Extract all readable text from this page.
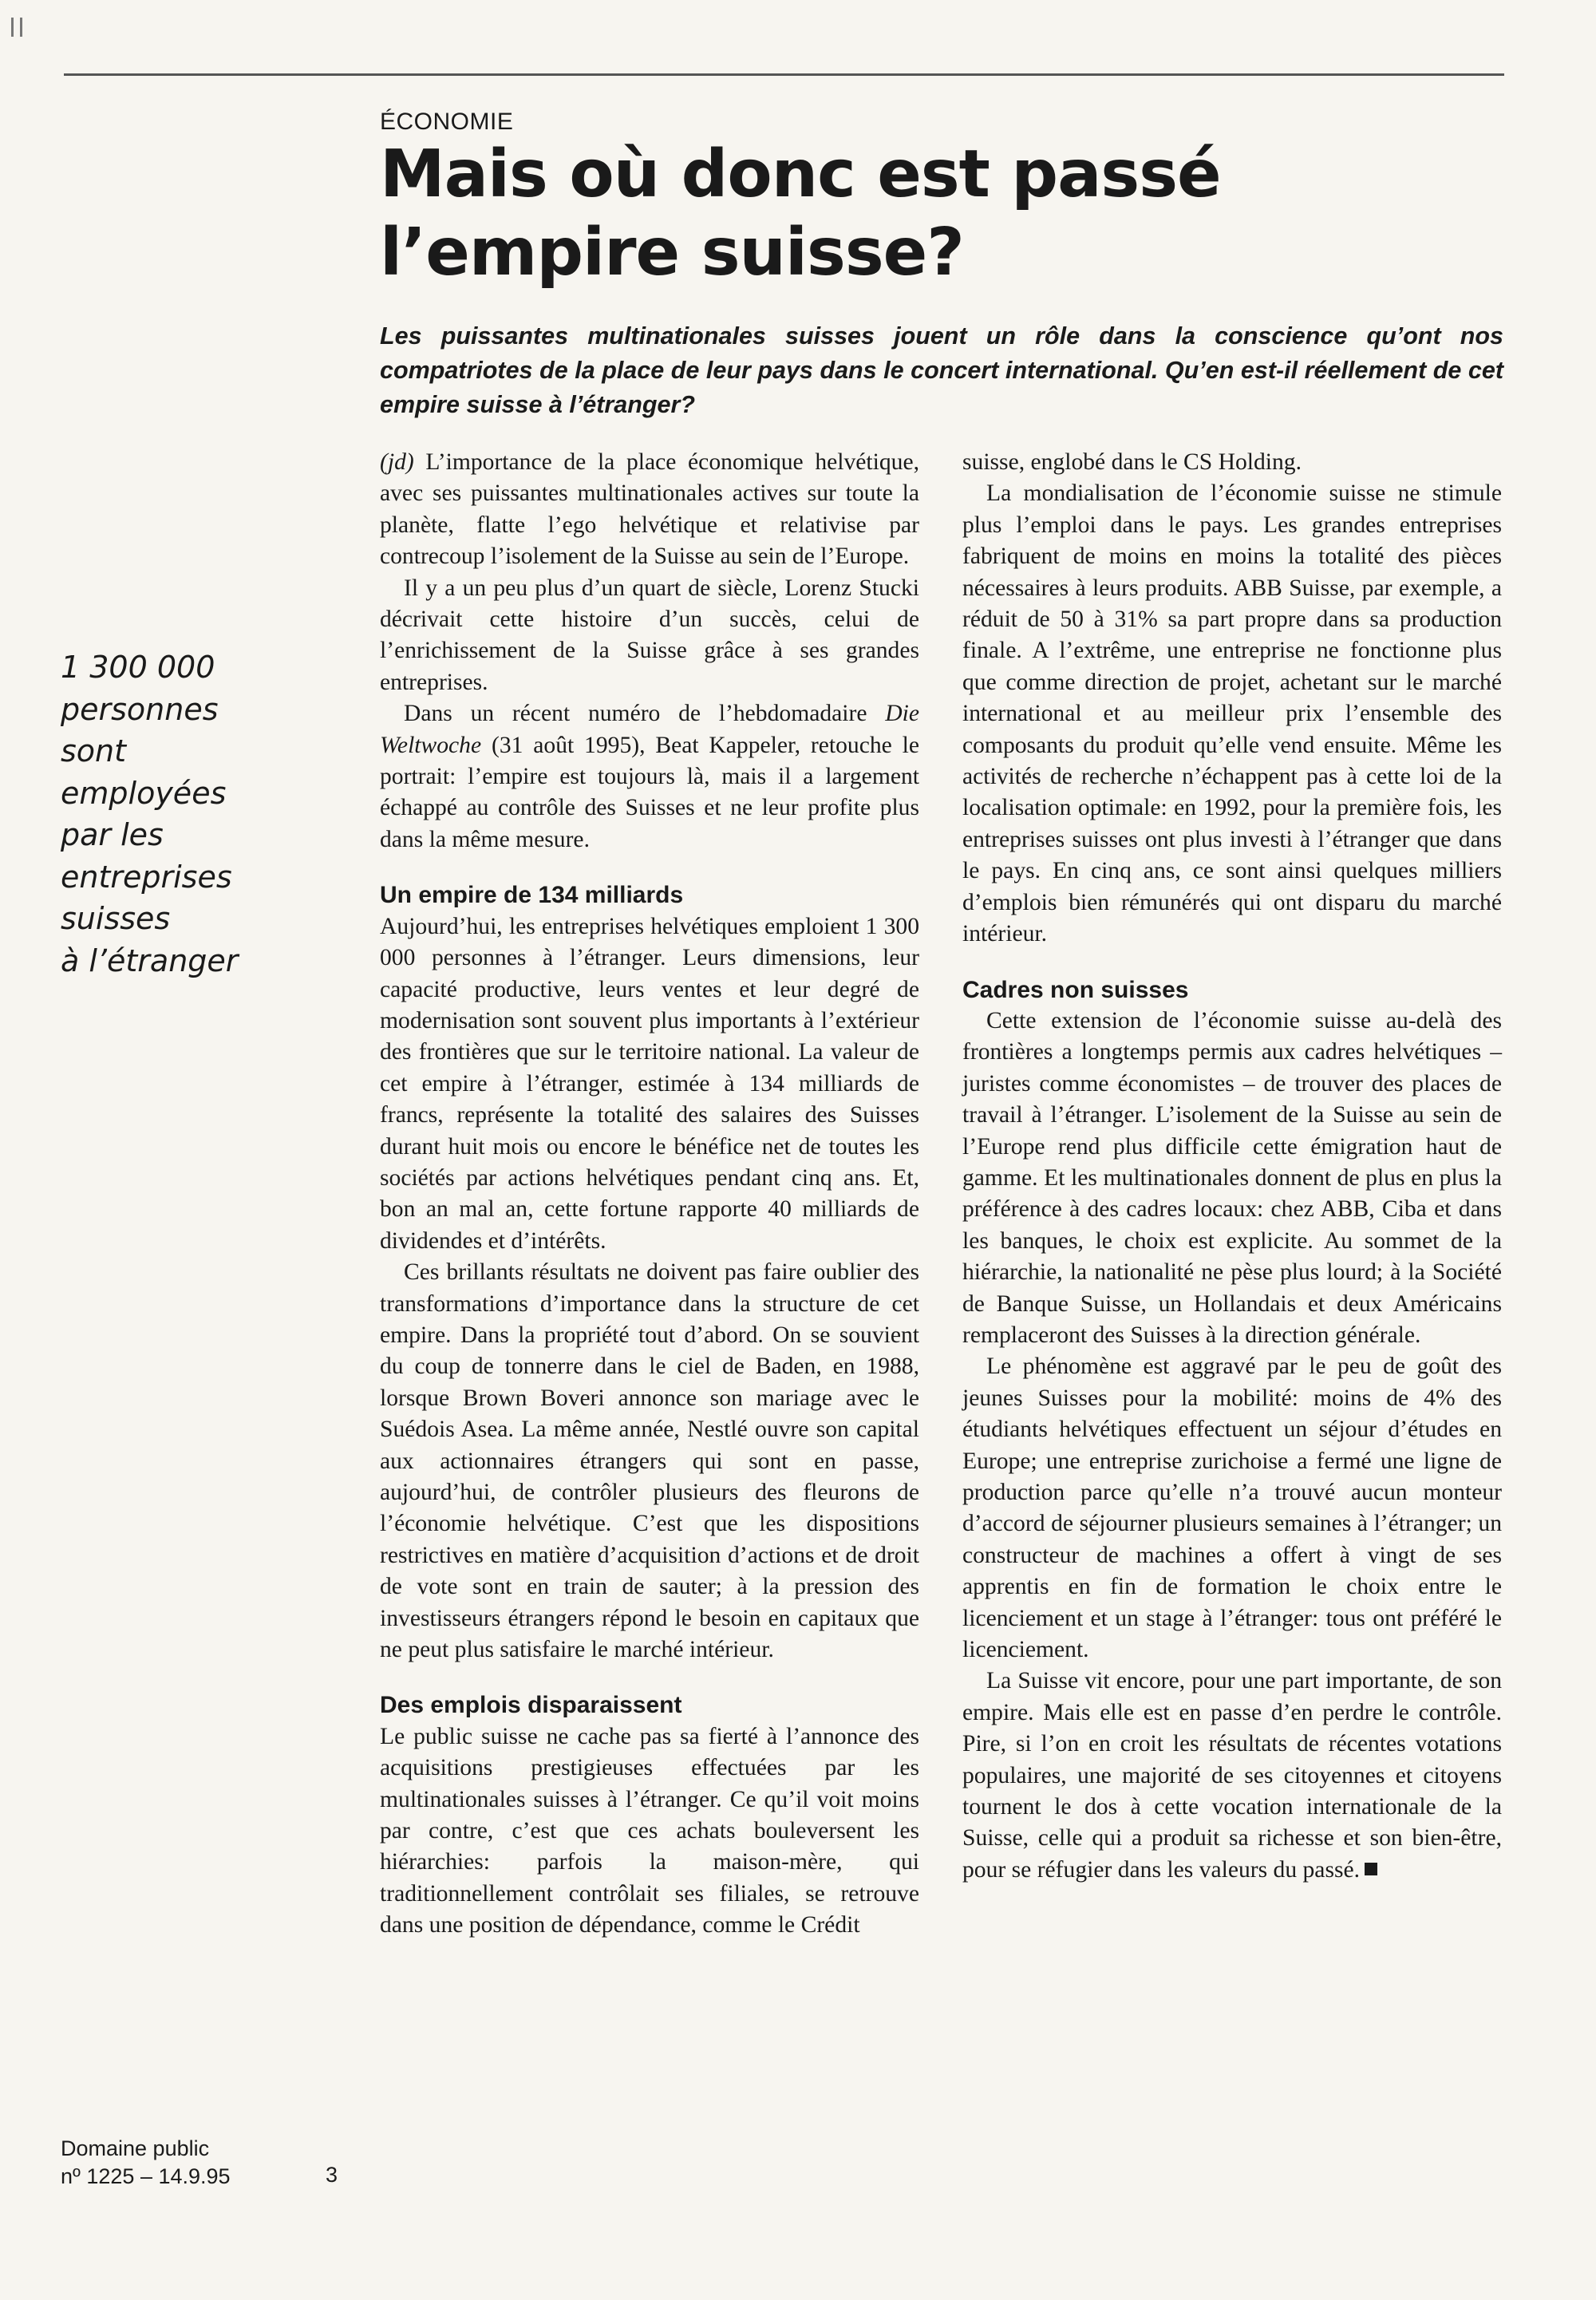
ÉCONOMIE
Mais où donc est passé
l’empire suisse?

Les puissantes multinationales suisses jouent un rôle dans la conscience qu’ont nos compatriotes de la place de leur pays dans le concert international. Qu’en est-il réellement de cet empire suisse à l’étranger?

1 300 000
personnes
sont
employées
par les
entreprises
suisses
à l’étranger

(jd) L’importance de la place économique helvétique, avec ses puissantes multinationales actives sur toute la planète, flatte l’ego helvétique et relativise par contrecoup l’isolement de la Suisse au sein de l’Europe.

Il y a un peu plus d’un quart de siècle, Lorenz Stucki décrivait cette histoire d’un succès, celui de l’enrichissement de la Suisse grâce à ses grandes entreprises.

Dans un récent numéro de l’hebdomadaire Die Weltwoche (31 août 1995), Beat Kappeler, retouche le portrait: l’empire est toujours là, mais il a largement échappé au contrôle des Suisses et ne leur profite plus dans la même mesure.

Un empire de 134 milliards

Aujourd’hui, les entreprises helvétiques emploient 1 300 000 personnes à l’étranger. Leurs dimensions, leur capacité productive, leurs ventes et leur degré de modernisation sont souvent plus importants à l’extérieur des frontières que sur le territoire national. La valeur de cet empire à l’étranger, estimée à 134 milliards de francs, représente la totalité des salaires des Suisses durant huit mois ou encore le bénéfice net de toutes les sociétés par actions helvétiques pendant cinq ans. Et, bon an mal an, cette fortune rapporte 40 milliards de dividendes et d’intérêts.

Ces brillants résultats ne doivent pas faire oublier des transformations d’importance dans la structure de cet empire. Dans la propriété tout d’abord. On se souvient du coup de tonnerre dans le ciel de Baden, en 1988, lorsque Brown Boveri annonce son mariage avec le Suédois Asea. La même année, Nestlé ouvre son capital aux actionnaires étrangers qui sont en passe, aujourd’hui, de contrôler plusieurs des fleurons de l’économie helvétique. C’est que les dispositions restrictives en matière d’acquisition d’actions et de droit de vote sont en train de sauter; à la pression des investisseurs étrangers répond le besoin en capitaux que ne peut plus satisfaire le marché intérieur.

Des emplois disparaissent

Le public suisse ne cache pas sa fierté à l’annonce des acquisitions prestigieuses effectuées par les multinationales suisses à l’étranger. Ce qu’il voit moins par contre, c’est que ces achats bouleversent les hiérarchies: parfois la maison-mère, qui traditionnellement contrôlait ses filiales, se retrouve dans une position de dépendance, comme le Crédit

suisse, englobé dans le CS Holding.

La mondialisation de l’économie suisse ne stimule plus l’emploi dans le pays. Les grandes entreprises fabriquent de moins en moins la totalité des pièces nécessaires à leurs produits. ABB Suisse, par exemple, a réduit de 50 à 31% sa part propre dans sa production finale. A l’extrême, une entreprise ne fonctionne plus que comme direction de projet, achetant sur le marché international et au meilleur prix l’ensemble des composants du produit qu’elle vend ensuite. Même les activités de recherche n’échappent pas à cette loi de la localisation optimale: en 1992, pour la première fois, les entreprises suisses ont plus investi à l’étranger que dans le pays. En cinq ans, ce sont ainsi quelques milliers d’emplois bien rémunérés qui ont disparu du marché intérieur.

Cadres non suisses

Cette extension de l’économie suisse au-delà des frontières a longtemps permis aux cadres helvétiques – juristes comme économistes – de trouver des places de travail à l’étranger. L’isolement de la Suisse au sein de l’Europe rend plus difficile cette émigration haut de gamme. Et les multinationales donnent de plus en plus la préférence à des cadres locaux: chez ABB, Ciba et dans les banques, le choix est explicite. Au sommet de la hiérarchie, la nationalité ne pèse plus lourd; à la Société de Banque Suisse, un Hollandais et deux Américains remplaceront des Suisses à la direction générale.

Le phénomène est aggravé par le peu de goût des jeunes Suisses pour la mobilité: moins de 4% des étudiants helvétiques effectuent un séjour d’études en Europe; une entreprise zurichoise a fermé une ligne de production parce qu’elle n’a trouvé aucun monteur d’accord de séjourner plusieurs semaines à l’étranger; un constructeur de machines a offert à vingt de ses apprentis en fin de formation le choix entre le licenciement et un stage à l’étranger: tous ont préféré le licenciement.

La Suisse vit encore, pour une part importante, de son empire. Mais elle est en passe d’en perdre le contrôle. Pire, si l’on en croit les résultats de récentes votations populaires, une majorité de ses citoyennes et citoyens tournent le dos à cette vocation internationale de la Suisse, celle qui a produit sa richesse et son bien-être, pour se réfugier dans les valeurs du passé.

Domaine public
nº 1225 – 14.9.95	3
